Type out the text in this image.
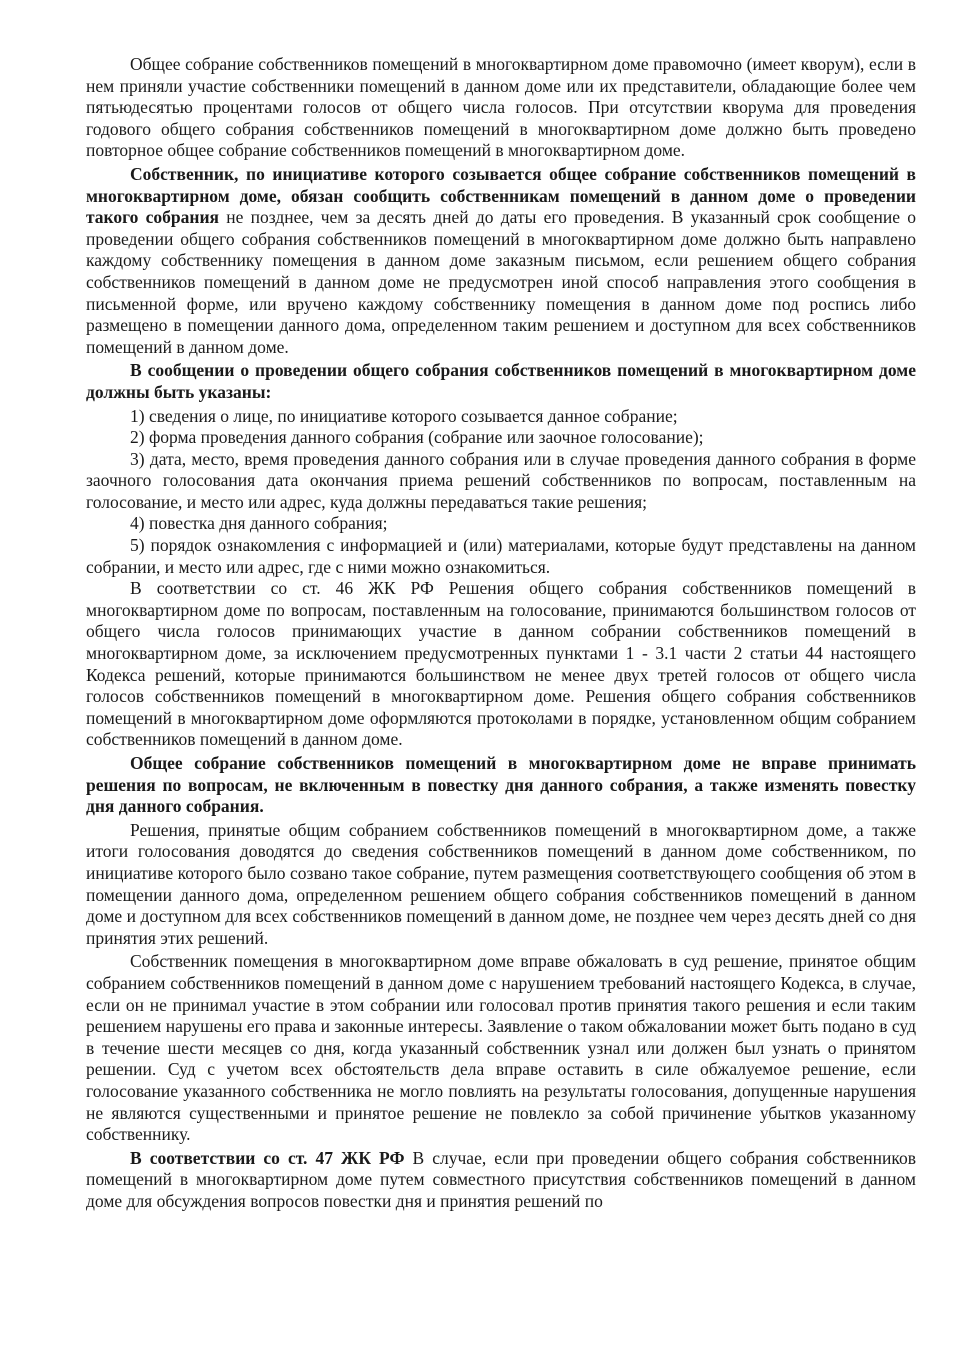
Общее собрание собственников помещений в многоквартирном доме правомочно (имеет кворум), если в нем приняли участие собственники помещений в данном доме или их представители, обладающие более чем пятьюдесятью процентами голосов от общего числа голосов. При отсутствии кворума для проведения годового общего собрания собственников помещений в многоквартирном доме должно быть проведено повторное общее собрание собственников помещений в многоквартирном доме.

Собственник, по инициативе которого созывается общее собрание собственников помещений в многоквартирном доме, обязан сообщить собственникам помещений в данном доме о проведении такого собрания не позднее, чем за десять дней до даты его проведения. В указанный срок сообщение о проведении общего собрания собственников помещений в многоквартирном доме должно быть направлено каждому собственнику помещения в данном доме заказным письмом, если решением общего собрания собственников помещений в данном доме не предусмотрен иной способ направления этого сообщения в письменной форме, или вручено каждому собственнику помещения в данном доме под роспись либо размещено в помещении данного дома, определенном таким решением и доступном для всех собственников помещений в данном доме.

В сообщении о проведении общего собрания собственников помещений в многоквартирном доме должны быть указаны:

1) сведения о лице, по инициативе которого созывается данное собрание;

2) форма проведения данного собрания (собрание или заочное голосование);

3) дата, место, время проведения данного собрания или в случае проведения данного собрания в форме заочного голосования дата окончания приема решений собственников по вопросам, поставленным на голосование, и место или адрес, куда должны передаваться такие решения;

4) повестка дня данного собрания;

5) порядок ознакомления с информацией и (или) материалами, которые будут представлены на данном собрании, и место или адрес, где с ними можно ознакомиться.

В соответствии со ст. 46 ЖК РФ Решения общего собрания собственников помещений в многоквартирном доме по вопросам, поставленным на голосование, принимаются большинством голосов от общего числа голосов принимающих участие в данном собрании собственников помещений в многоквартирном доме, за исключением предусмотренных пунктами 1 - 3.1 части 2 статьи 44 настоящего Кодекса решений, которые принимаются большинством не менее двух третей голосов от общего числа голосов собственников помещений в многоквартирном доме. Решения общего собрания собственников помещений в многоквартирном доме оформляются протоколами в порядке, установленном общим собранием собственников помещений в данном доме.

Общее собрание собственников помещений в многоквартирном доме не вправе принимать решения по вопросам, не включенным в повестку дня данного собрания, а также изменять повестку дня данного собрания.

Решения, принятые общим собранием собственников помещений в многоквартирном доме, а также итоги голосования доводятся до сведения собственников помещений в данном доме собственником, по инициативе которого было созвано такое собрание, путем размещения соответствующего сообщения об этом в помещении данного дома, определенном решением общего собрания собственников помещений в данном доме и доступном для всех собственников помещений в данном доме, не позднее чем через десять дней со дня принятия этих решений.

Собственник помещения в многоквартирном доме вправе обжаловать в суд решение, принятое общим собранием собственников помещений в данном доме с нарушением требований настоящего Кодекса, в случае, если он не принимал участие в этом собрании или голосовал против принятия такого решения и если таким решением нарушены его права и законные интересы. Заявление о таком обжаловании может быть подано в суд в течение шести месяцев со дня, когда указанный собственник узнал или должен был узнать о принятом решении. Суд с учетом всех обстоятельств дела вправе оставить в силе обжалуемое решение, если голосование указанного собственника не могло повлиять на результаты голосования, допущенные нарушения не являются существенными и принятое решение не повлекло за собой причинение убытков указанному собственнику.

В соответствии со ст. 47 ЖК РФ В случае, если при проведении общего собрания собственников помещений в многоквартирном доме путем совместного присутствия собственников помещений в данном доме для обсуждения вопросов повестки дня и принятия решений по
